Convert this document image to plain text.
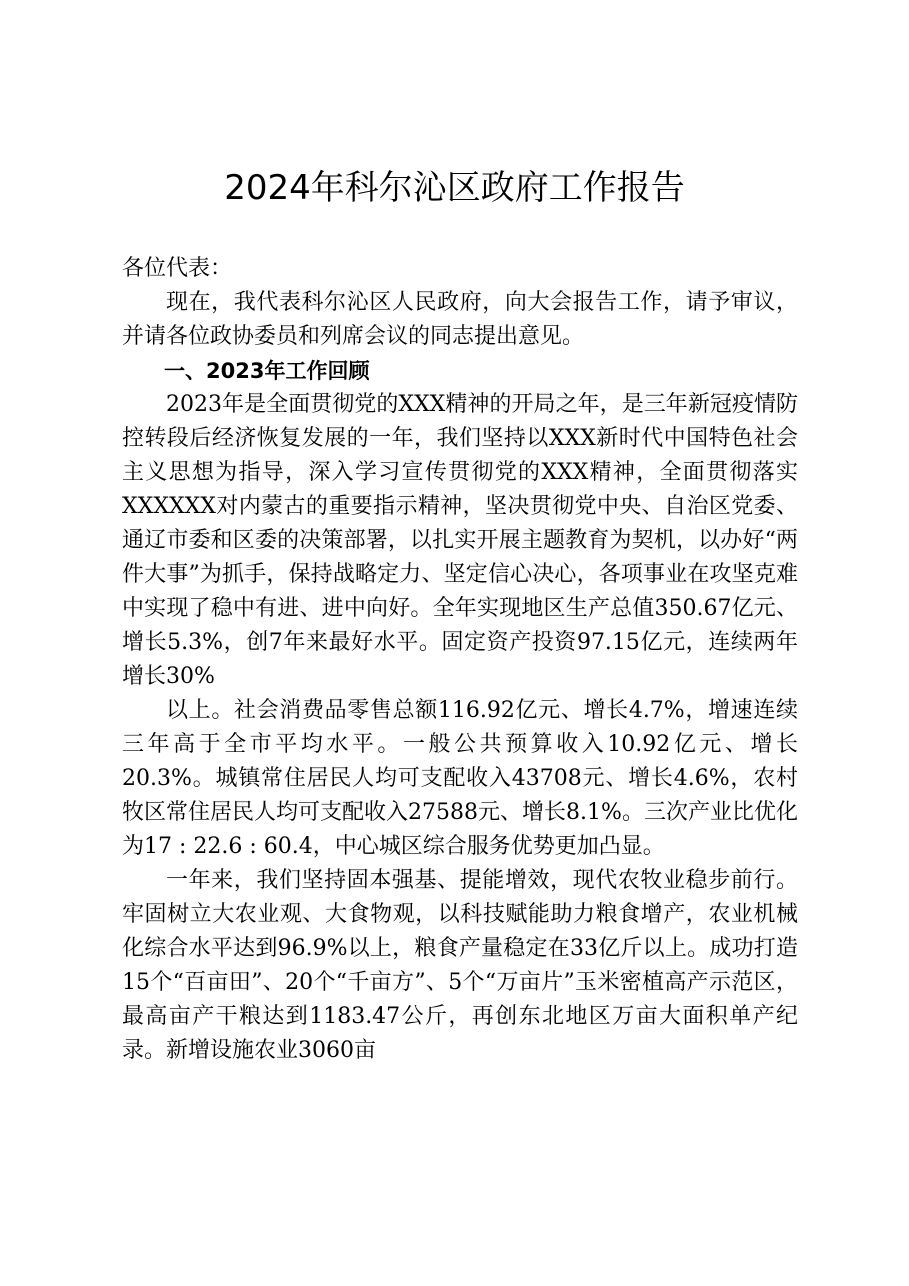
2024年科尔沁区政府工作报告

各位代表：

现在，我代表科尔沁区人民政府，向大会报告工作，请予审议，并请各位政协委员和列席会议的同志提出意见。

一、2023年工作回顾

2023年是全面贯彻党的XXX精神的开局之年，是三年新冠疫情防控转段后经济恢复发展的一年，我们坚持以XXX新时代中国特色社会主义思想为指导，深入学习宣传贯彻党的XXX精神，全面贯彻落实XXXXXX对内蒙古的重要指示精神，坚决贯彻党中央、自治区党委、通辽市委和区委的决策部署，以扎实开展主题教育为契机，以办好“两件大事”为抓手，保持战略定力、坚定信心决心，各项事业在攻坚克难中实现了稳中有进、进中向好。全年实现地区生产总值350.67亿元、增长5.3%，创7年来最好水平。固定资产投资97.15亿元，连续两年增长30%

以上。社会消费品零售总额116.92亿元、增长4.7%，增速连续三年高于全市平均水平。一般公共预算收入10.92亿元、增长20.3%。城镇常住居民人均可支配收入43708元、增长4.6%，农村牧区常住居民人均可支配收入27588元、增长8.1%。三次产业比优化为17 : 22.6 : 60.4，中心城区综合服务优势更加凸显。

一年来，我们坚持固本强基、提能增效，现代农牧业稳步前行。牢固树立大农业观、大食物观，以科技赋能助力粮食增产，农业机械化综合水平达到96.9%以上，粮食产量稳定在33亿斤以上。成功打造15个“百亩田”、20个“千亩方”、5个“万亩片”玉米密植高产示范区，最高亩产干粮达到1183.47公斤，再创东北地区万亩大面积单产纪录。新增设施农业3060亩
